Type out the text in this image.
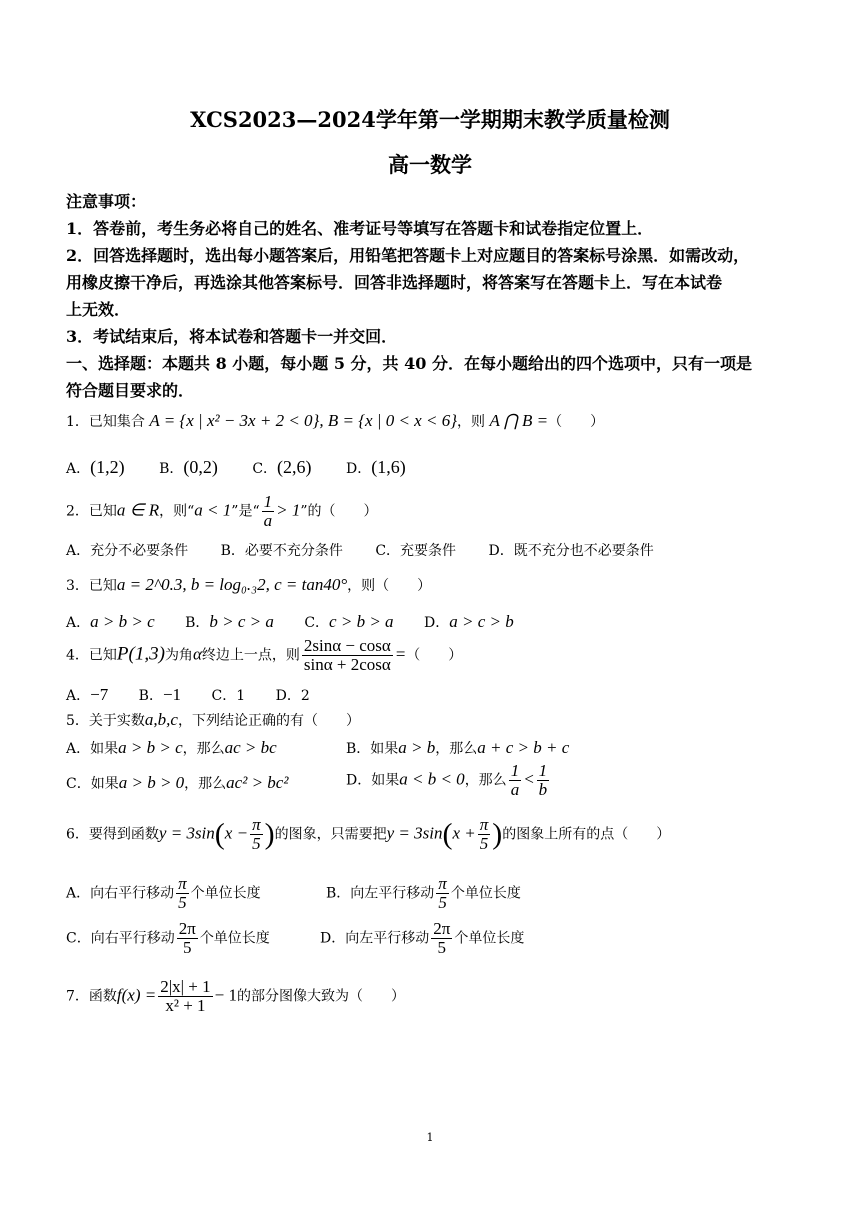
XCS2023—2024学年第一学期期末教学质量检测
高一数学
注意事项：
1．答卷前，考生务必将自己的姓名、准考证号等填写在答题卡和试卷指定位置上．
2．回答选择题时，选出每小题答案后，用铅笔把答题卡上对应题目的答案标号涂黑．如需改动，
用橡皮擦干净后，再选涂其他答案标号．回答非选择题时，将答案写在答题卡上．写在本试卷
上无效．
3．考试结束后，将本试卷和答题卡一并交回．
一、选择题：本题共 8 小题，每小题 5 分，共 40 分．在每小题给出的四个选项中，只有一项是
符合题目要求的．
1．已知集合 A = {x | x² − 3x + 2 < 0}, B = {x | 0 < x < 6}，则 A ⋂ B =（　　）
A．(1,2) B．(0,2) C．(2,6) D．(1,6)
2．已知a ∈ R，则“a < 1”是“ $\frac{1}{a} > 1$”的（　　）
A．充分不必要条件 B．必要不充分条件 C．充要条件 D．既不充分也不必要条件
3．已知a = 2^0.3, b = log₀.₃2, c = tan40°，则（　　）
A．a > b > c B．b > c > a C．c > b > a D．a > c > b
4．已知P(1,3)为角α终边上一点，则 $\frac{2\sin\alpha - \cos\alpha}{\sin\alpha + 2\cos\alpha}$ =（　　）
A．−7 B．−1 C．1 D．2
5．关于实数a,b,c，下列结论正确的有（　　）
A．如果a > b > c，那么ac > bc	B．如果a > b，那么a + c > b + c
C．如果a > b > 0，那么ac² > bc²	D．如果a < b < 0，那么 $\frac{1}{a} < \frac{1}{b}$
6．要得到函数$y = 3\sin(x - \frac{\pi}{5}$ )的图象，只需要把$y = 3\sin(x + \frac{\pi}{5}$ )的图象上所有的点（　　）
A．向右平行移动 $\frac{\pi}{5}$ 个单位长度	B．向左平行移动 $\frac{\pi}{5}$ 个单位长度
C．向右平行移动 $\frac{2\pi}{5}$ 个单位长度	D．向左平行移动 $\frac{2\pi}{5}$ 个单位长度
7．函数$f(x) = \frac{2|x| + 1}{\text{x² + 1}} - 1$的部分图像大致为（　　）
1
